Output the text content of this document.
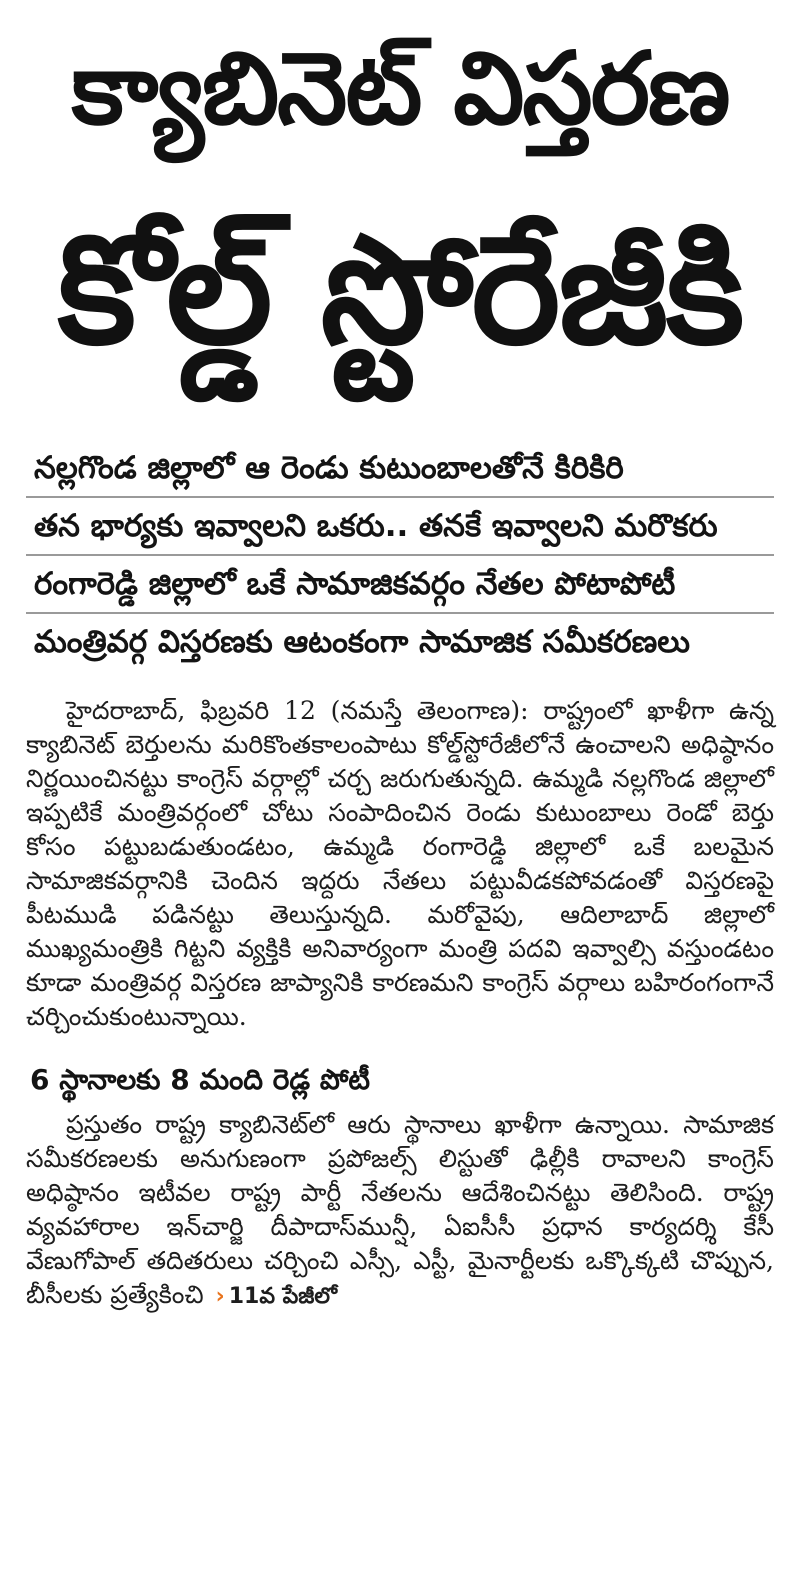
క్యాబినెట్ విస్తరణ
కోల్డ్ స్టోరేజీకి
నల్లగొండ జిల్లాలో ఆ రెండు కుటుంబాలతోనే కిరికిరి
తన భార్యకు ఇవ్వాలని ఒకరు.. తనకే ఇవ్వాలని మరొకరు
రంగారెడ్డి జిల్లాలో ఒకే సామాజికవర్గం నేతల పోటాపోటీ
మంత్రివర్గ విస్తరణకు ఆటంకంగా సామాజిక సమీకరణలు

హైదరాబాద్, ఫిబ్రవరి 12 (నమస్తే తెలంగాణ): రాష్ట్రంలో ఖాళీగా ఉన్న క్యాబినెట్ బెర్తులను మరికొంతకాలంపాటు కోల్డ్‌స్టోరేజీలోనే ఉంచాలని అధిష్ఠానం నిర్ణయించినట్టు కాంగ్రెస్ వర్గాల్లో చర్చ జరుగుతున్నది. ఉమ్మడి నల్లగొండ జిల్లాలో ఇప్పటికే మంత్రివర్గంలో చోటు సంపాదించిన రెండు కుటుంబాలు రెండో బెర్తు కోసం పట్టుబడుతుండటం, ఉమ్మడి రంగారెడ్డి జిల్లాలో ఒకే బలమైన సామాజికవర్గానికి చెందిన ఇద్దరు నేతలు పట్టువీడకపోవడంతో విస్తరణపై పీటముడి పడినట్టు తెలుస్తున్నది. మరోవైపు, ఆదిలాబాద్ జిల్లాలో ముఖ్యమంత్రికి గిట్టని వ్యక్తికి అనివార్యంగా మంత్రి పదవి ఇవ్వాల్సి వస్తుండటం కూడా మంత్రివర్గ విస్తరణ జాప్యానికి కారణమని కాంగ్రెస్ వర్గాలు బహిరంగంగానే చర్చించుకుంటున్నాయి.

6 స్థానాలకు 8 మంది రెడ్ల పోటీ

ప్రస్తుతం రాష్ట్ర క్యాబినెట్‌లో ఆరు స్థానాలు ఖాళీగా ఉన్నాయి. సామాజిక సమీకరణలకు అనుగుణంగా ప్రపోజల్స్ లిస్టుతో ఢిల్లీకి రావాలని కాంగ్రెస్ అధిష్ఠానం ఇటీవల రాష్ట్ర పార్టీ నేతలను ఆదేశించినట్టు తెలిసింది. రాష్ట్ర వ్యవహారాల ఇన్‌చార్జి దీపాదాస్‌మున్షీ, ఏఐసీసీ ప్రధాన కార్యదర్శి కేసీ వేణుగోపాల్ తదితరులు చర్చించి ఎస్సీ, ఎస్టీ, మైనార్టీలకు ఒక్కొక్కటి చొప్పున, బీసీలకు ప్రత్యేకించి › 11వ పేజీలో
